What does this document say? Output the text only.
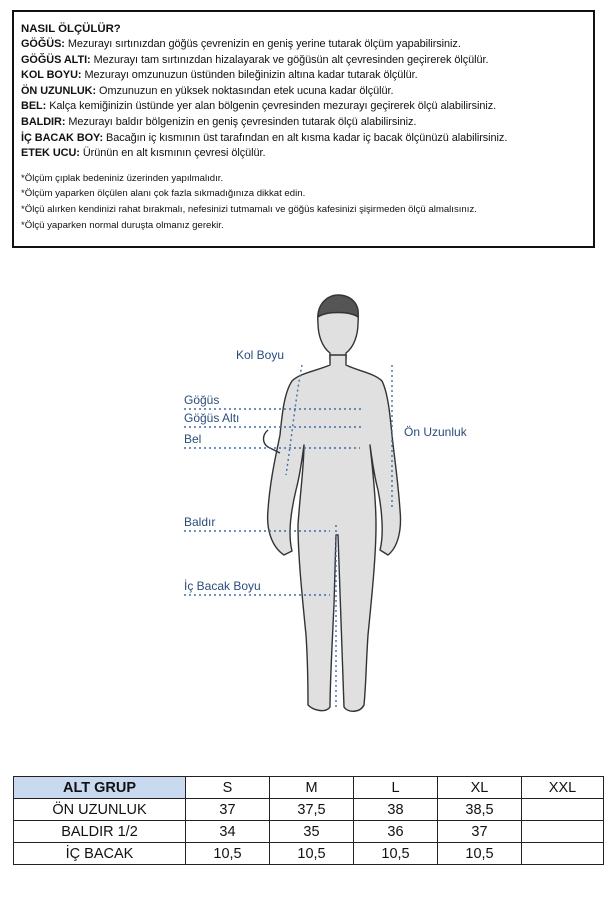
NASIL ÖLÇÜLÜR?
GÖĞÜS: Mezurayı sırtınızdan göğüs çevrenizin en geniş yerine tutarak ölçüm yapabilirsiniz.
GÖĞÜS ALTI: Mezurayı tam sırtınızdan hizalayarak ve göğüsün alt çevresinden geçirerek ölçülür.
KOL BOYU: Mezurayı omzunuzun üstünden bileğinizin altına kadar tutarak ölçülür.
ÖN UZUNLUK: Omzunuzun en yüksek noktasından etek ucuna kadar ölçülür.
BEL: Kalça kemiğinizin üstünde yer alan bölgenin çevresinden mezurayı geçirerek ölçü alabilirsiniz.
BALDIR: Mezurayı baldır bölgenizin en geniş çevresinden tutarak ölçü alabilirsiniz.
İÇ BACAK BOY: Bacağın iç kısmının üst tarafından en alt kısma kadar iç bacak ölçünüzü alabilirsiniz.
ETEK UCU: Ürünün en alt kısmının çevresi ölçülür.
*Ölçüm çıplak bedeniniz üzerinden yapılmalıdır.
*Ölçüm yaparken ölçülen alanı çok fazla sıkmadığınıza dikkat edin.
*Ölçü alırken kendinizi rahat bırakmalı, nefesinizi tutmamalı ve göğüs kafesinizi şişirmeden ölçü almalısınız.
*Ölçü yaparken normal duruşta olmanız gerekir.
Kol Boyu
Göğüs
Göğüs Altı
Bel	Ön Uzunluk
Baldır
İç Bacak Boyu
ALT GRUP	S	M	L	XL	XXL
ÖN UZUNLUK	37	37,5	38	38,5	
BALDIR 1/2	34	35	36	37	
İÇ BACAK	10,5	10,5	10,5	10,5	
